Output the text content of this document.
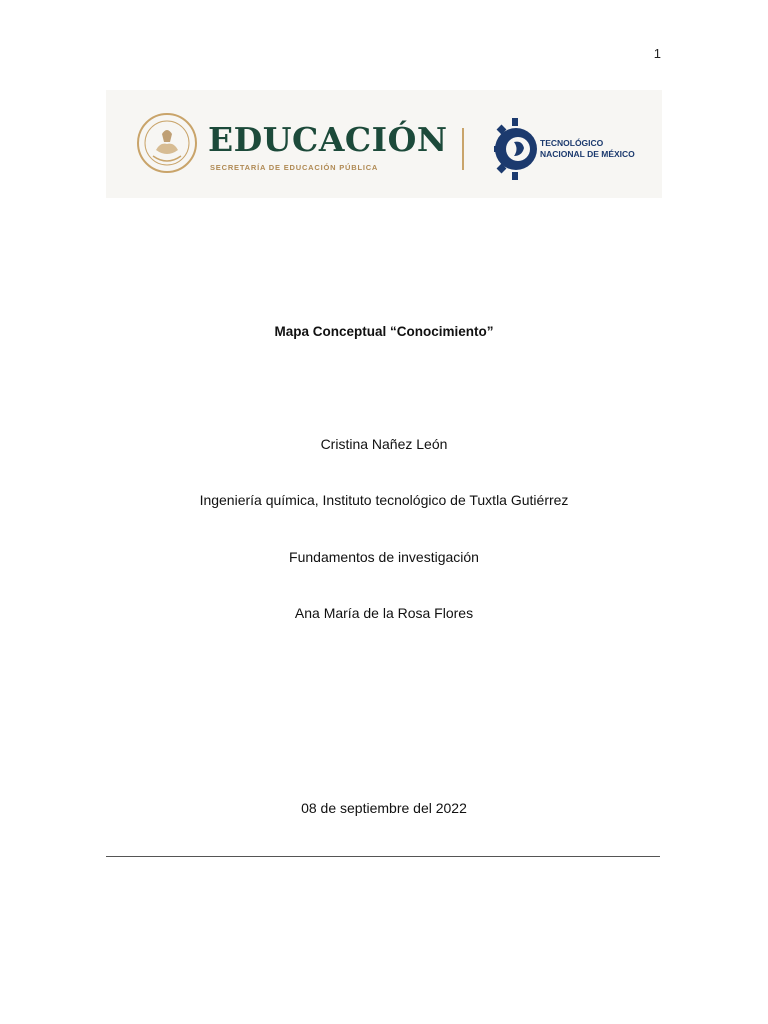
1
EDUCACIÓN
SECRETARÍA DE EDUCACIÓN PÚBLICA
TECNOLÓGICO
NACIONAL DE MÉXICO
Mapa Conceptual “Conocimiento”
Cristina Nañez León
Ingeniería química, Instituto tecnológico de Tuxtla Gutiérrez
Fundamentos de investigación
Ana María de la Rosa Flores
08 de septiembre del 2022
